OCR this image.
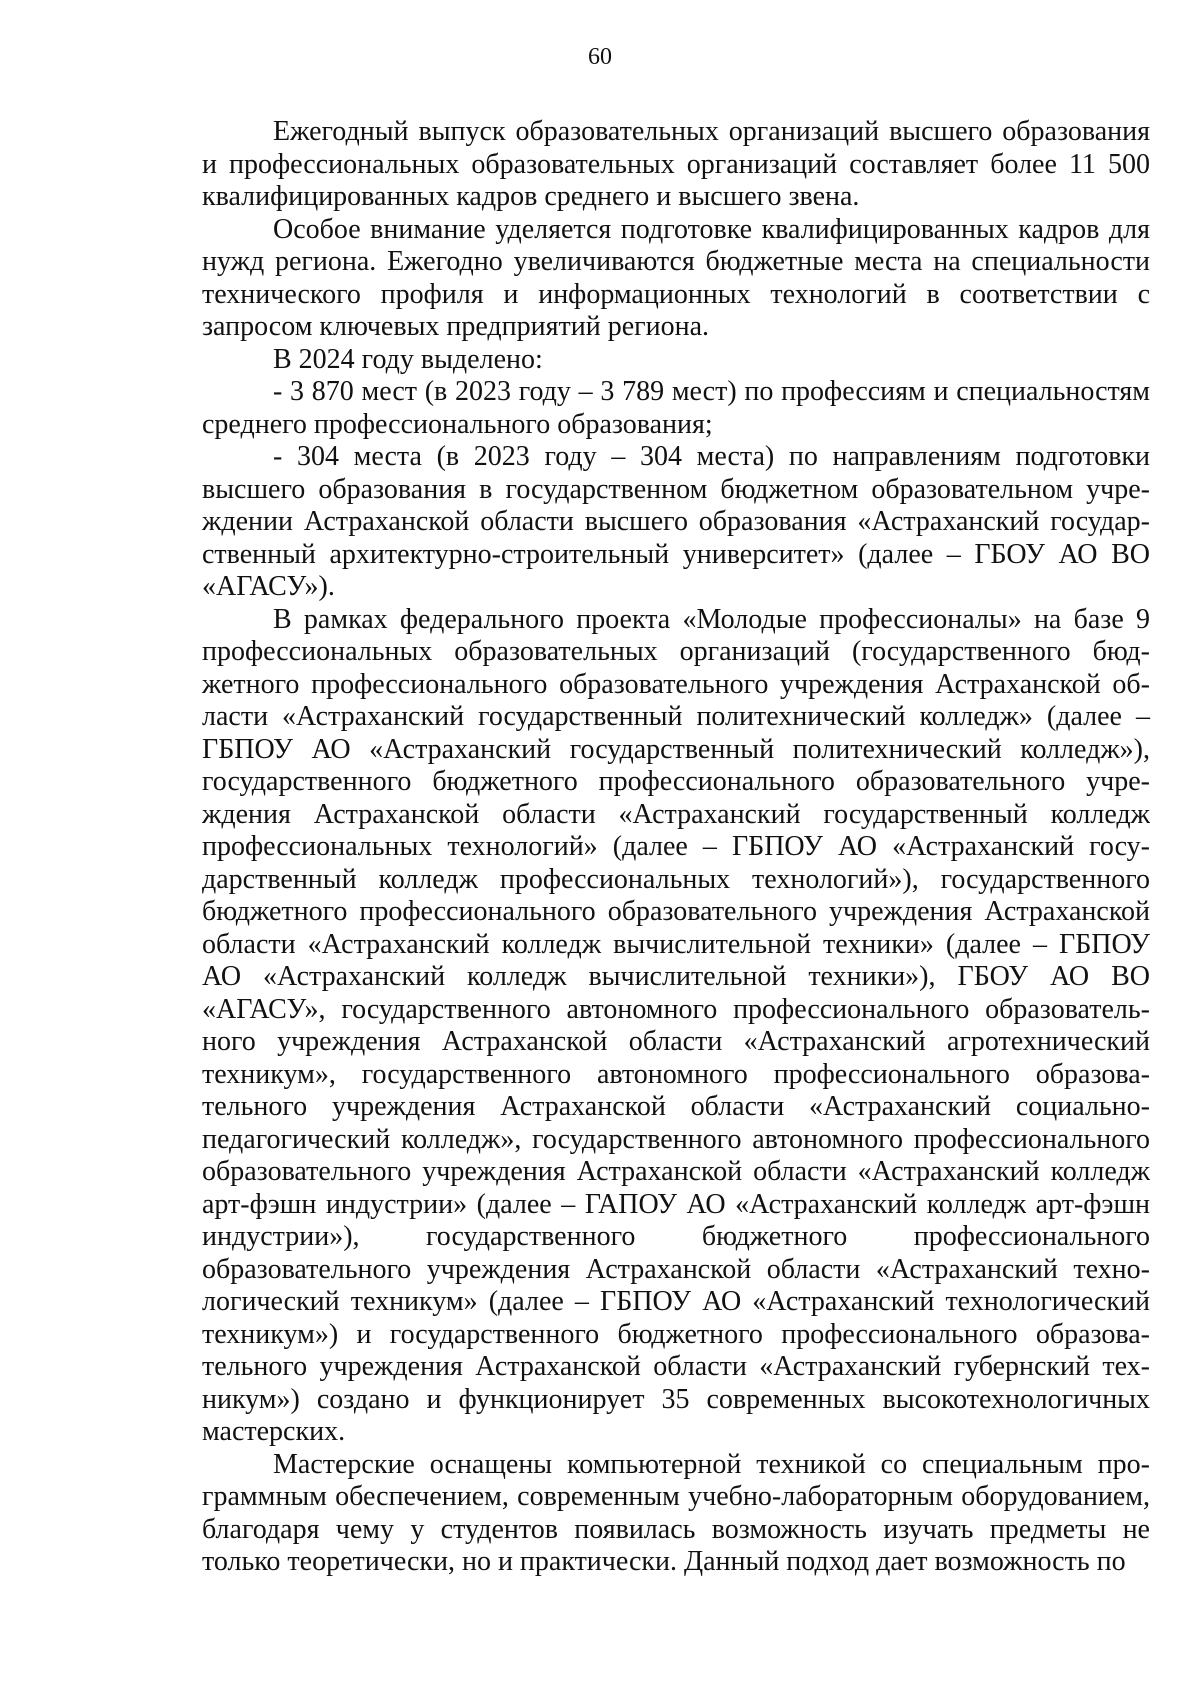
60

Ежегодный выпуск образовательных организаций высшего образования и профессиональных образовательных организаций составляет более 11 500 квалифицированных кадров среднего и высшего звена.

Особое внимание уделяется подготовке квалифицированных кадров для нужд региона. Ежегодно увеличиваются бюджетные места на специальности технического профиля и информационных технологий в соответствии с запросом ключевых предприятий региона.

В 2024 году выделено:

- 3 870 мест (в 2023 году – 3 789 мест) по профессиям и специальностям среднего профессионального образования;

- 304 места (в 2023 году – 304 места) по направлениям подготовки высшего образования в государственном бюджетном образовательном учреждении Астраханской области высшего образования «Астраханский государственный архитектурно-строительный университет» (далее – ГБОУ АО ВО «АГАСУ»).

В рамках федерального проекта «Молодые профессионалы» на базе 9 профессиональных образовательных организаций (государственного бюджетного профессионального образовательного учреждения Астраханской области «Астраханский государственный политехнический колледж» (далее – ГБПОУ АО «Астраханский государственный политехнический колледж»), государственного бюджетного профессионального образовательного учреждения Астраханской области «Астраханский государственный колледж профессиональных технологий» (далее – ГБПОУ АО «Астраханский государственный колледж профессиональных технологий»), государственного бюджетного профессионального образовательного учреждения Астраханской области «Астраханский колледж вычислительной техники» (далее – ГБПОУ АО «Астраханский колледж вычислительной техники»), ГБОУ АО ВО «АГАСУ», государственного автономного профессионального образовательного учреждения Астраханской области «Астраханский агротехнический техникум», государственного автономного профессионального образовательного учреждения Астраханской области «Астраханский социально-педагогический колледж», государственного автономного профессионального образовательного учреждения Астраханской области «Астраханский колледж арт-фэшн индустрии» (далее – ГАПОУ АО «Астраханский колледж арт-фэшн индустрии»), государственного бюджетного профессионального образовательного учреждения Астраханской области «Астраханский технологический техникум» (далее – ГБПОУ АО «Астраханский технологический техникум») и государственного бюджетного профессионального образовательного учреждения Астраханской области «Астраханский губернский техникум») создано и функционирует 35 современных высокотехнологичных мастерских.

Мастерские оснащены компьютерной техникой со специальным программным обеспечением, современным учебно-лабораторным оборудованием, благодаря чему у студентов появилась возможность изучать предметы не только теоретически, но и практически. Данный подход дает возможность по
